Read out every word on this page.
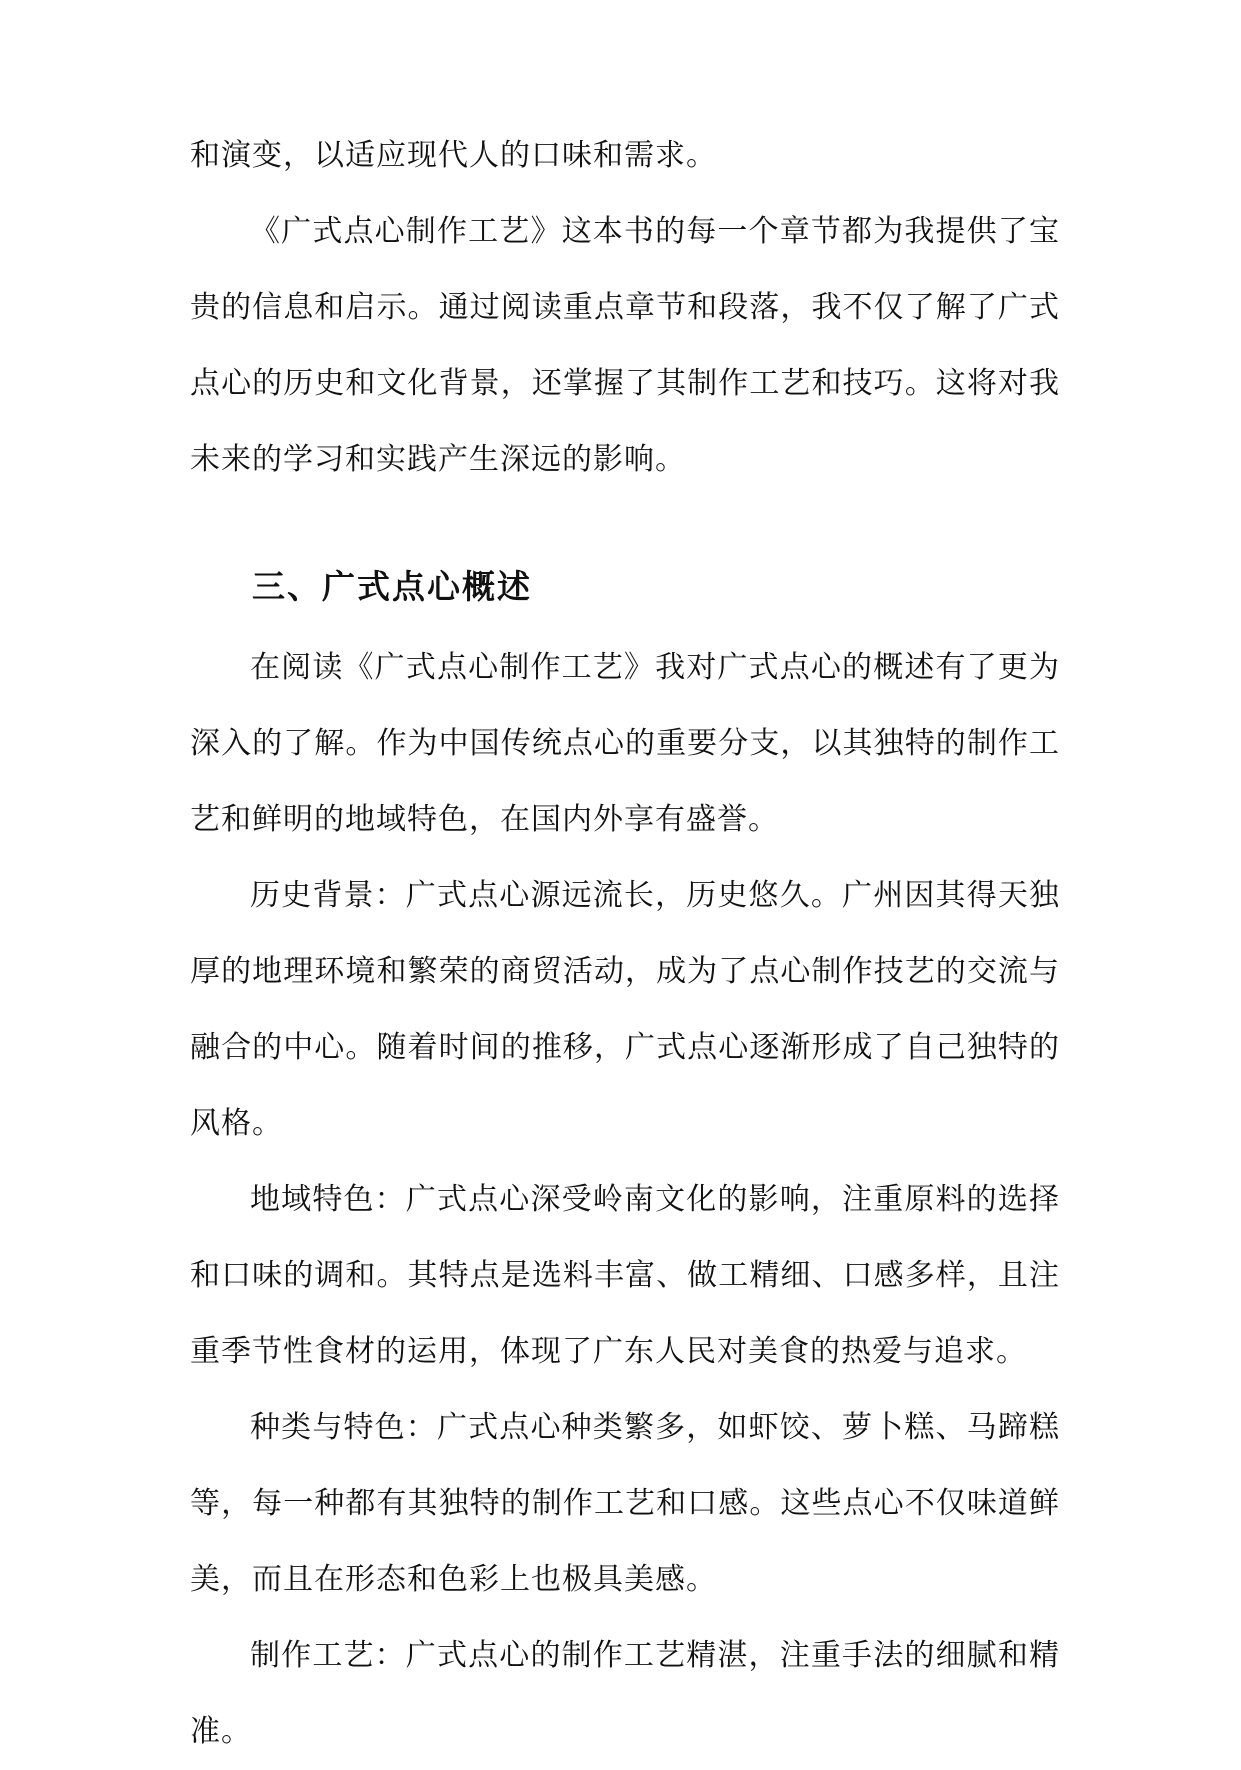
和演变，以适应现代人的口味和需求。

《广式点心制作工艺》这本书的每一个章节都为我提供了宝贵的信息和启示。通过阅读重点章节和段落，我不仅了解了广式点心的历史和文化背景，还掌握了其制作工艺和技巧。这将对我未来的学习和实践产生深远的影响。

三、广式点心概述

在阅读《广式点心制作工艺》我对广式点心的概述有了更为深入的了解。作为中国传统点心的重要分支，以其独特的制作工艺和鲜明的地域特色，在国内外享有盛誉。

历史背景：广式点心源远流长，历史悠久。广州因其得天独厚的地理环境和繁荣的商贸活动，成为了点心制作技艺的交流与融合的中心。随着时间的推移，广式点心逐渐形成了自己独特的风格。

地域特色：广式点心深受岭南文化的影响，注重原料的选择和口味的调和。其特点是选料丰富、做工精细、口感多样，且注重季节性食材的运用，体现了广东人民对美食的热爱与追求。

种类与特色：广式点心种类繁多，如虾饺、萝卜糕、马蹄糕等，每一种都有其独特的制作工艺和口感。这些点心不仅味道鲜美，而且在形态和色彩上也极具美感。

制作工艺：广式点心的制作工艺精湛，注重手法的细腻和精准。
